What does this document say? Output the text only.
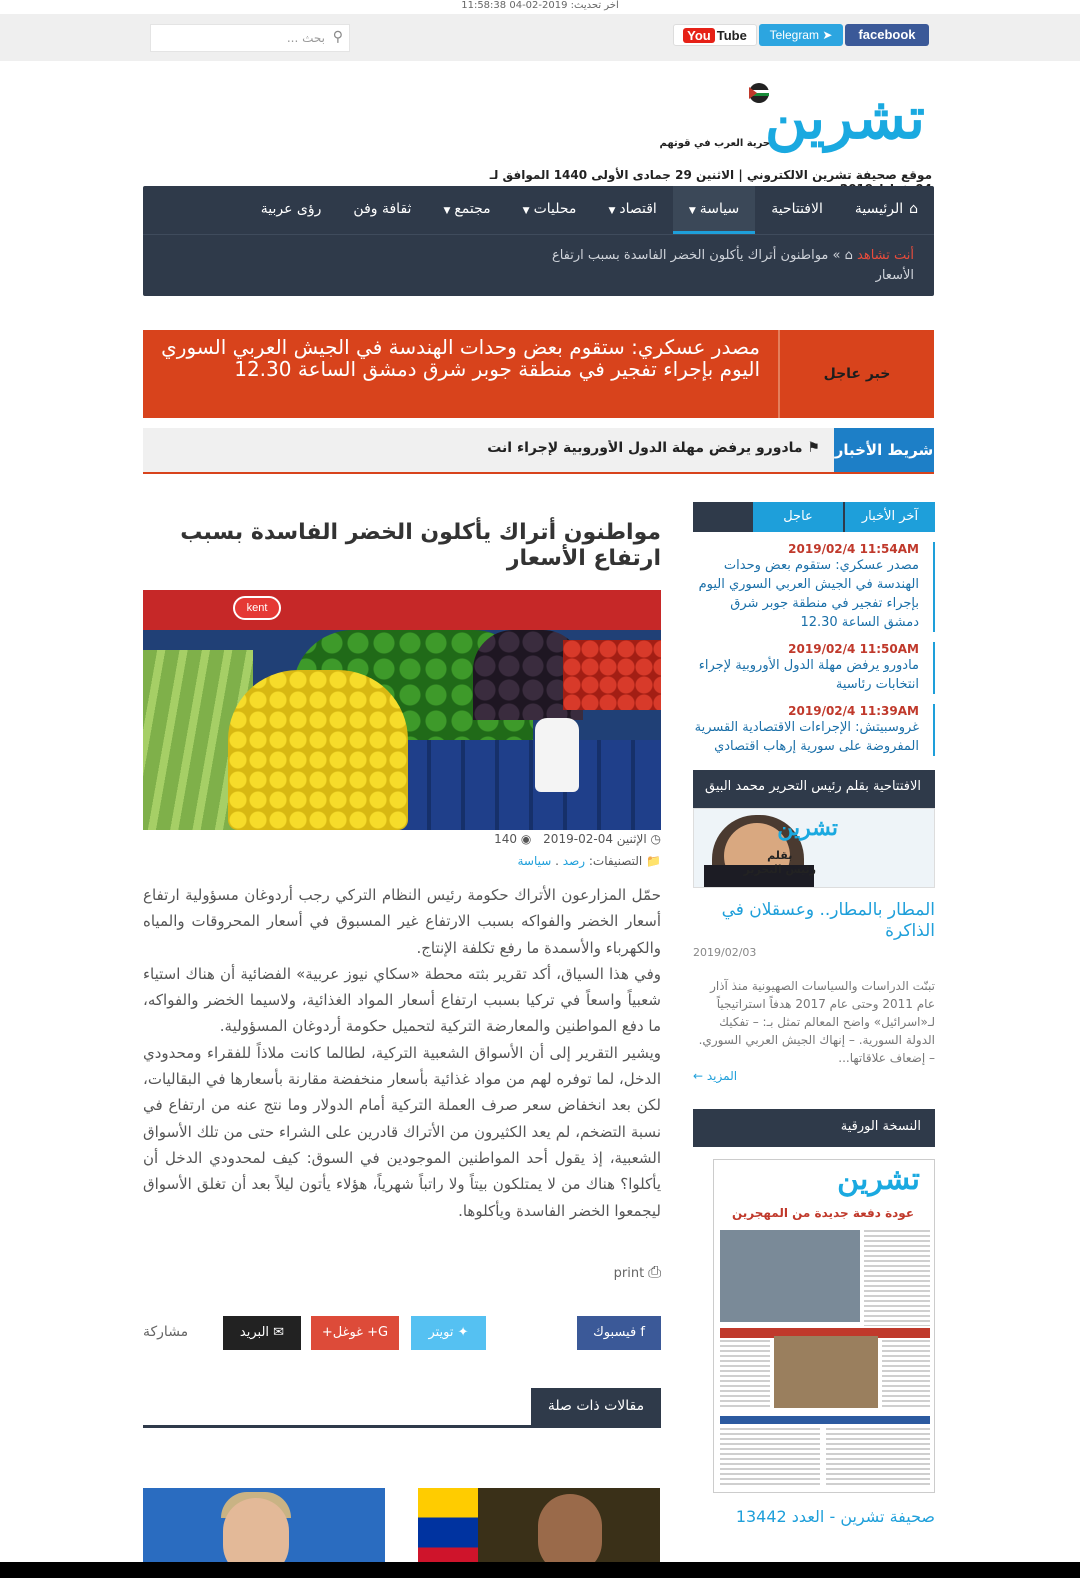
آخر تحديث: 2019-02-04 11:58:38
⚲
بحث ...	facebook
➤ Telegram
You Tube
تشرين
حرية العرب في قوتهم
موقع صحيفة تشرين الالكتروني | الاثنين 29 جمادى الأولى 1440 الموافق لـ
⌂الرئيسية
الافتتاحية
سياسة▼
اقتصاد▼
محليات▼
مجتمع▼
ثقافة وفن
رؤى عربية
أنت تشاهد ⌂ » مواطنون أتراك يأكلون الخضر الفاسدة بسبب ارتفاع الأسعار
خبر عاجل
مصدر عسكري: ستقوم بعض وحدات الهندسة في الجيش العربي السوري اليوم بإجراء تفجير في منطقة جوبر شرق دمشق الساعة 12.30
شريط الأخبار
⚑ مادورو يرفض مهلة الدول الأوروبية لإجراء انت
آخر الأخبار
عاجل
2019/02/4 11:54AM
مصدر عسكري: ستقوم بعض وحدات الهندسة في الجيش العربي السوري اليوم بإجراء تفجير في منطقة جوبر شرق دمشق الساعة 12.30
2019/02/4 11:50AM
مادورو يرفض مهلة الدول الأوروبية لإجراء انتخابات رئاسية
2019/02/4 11:39AM
غروسبيتش: الإجراءات الاقتصادية القسرية المفروضة على سورية إرهاب اقتصادي
الافتتاحية بقلم رئيس التحرير محمد البيق
تشرين
بقلم
رئيس التحرير
المطار بالمطار.. وعسقلان في الذاكرة
2019/02/03
تبنّت الدراسات والسياسات الصهيونية منذ آذار عام 2011 وحتى عام 2017 هدفاً استراتيجياً لـ«اسرائيل» واضح المعالم تمثل بـ: – تفكيك الدولة السورية. – إنهاك الجيش العربي السوري. – إضعاف علاقاتها...
المزيد ←
النسخة الورقية
تشرين
عودة دفعة جديدة من المهجرين
صحيفة تشرين - العدد 13442
مواطنون أتراك يأكلون الخضر الفاسدة بسبب ارتفاع الأسعار
kent
◷ الإثنين 04-02-2019 ◉ 140
📁 التصنيفات: رصد . سياسة

حمّل المزارعون الأتراك حكومة رئيس النظام التركي رجب أردوغان مسؤولية ارتفاع أسعار الخضر والفواكه بسبب الارتفاع غير المسبوق في أسعار المحروقات والمياه والكهرباء والأسمدة ما رفع تكلفة الإنتاج.

وفي هذا السياق، أكد تقرير بثته محطة «سكاي نيوز عربية» الفضائية أن هناك استياء شعبياً واسعاً في تركيا بسبب ارتفاع أسعار المواد الغذائية، ولاسيما الخضر والفواكه، ما دفع المواطنين والمعارضة التركية لتحميل حكومة أردوغان المسؤولية.

ويشير التقرير إلى أن الأسواق الشعبية التركية، لطالما كانت ملاذاً للفقراء ومحدودي الدخل، لما توفره لهم من مواد غذائية بأسعار منخفضة مقارنة بأسعارها في البقاليات، لكن بعد انخفاض سعر صرف العملة التركية أمام الدولار وما نتج عنه من ارتفاع في نسبة التضخم، لم يعد الكثيرون من الأتراك قادرين على الشراء حتى من تلك الأسواق الشعبية، إذ يقول أحد المواطنين الموجودين في السوق: كيف لمحدودي الدخل أن يأكلوا؟ هناك من لا يمتلكون بيتاً ولا راتباً شهرياً، هؤلاء يأتون ليلاً بعد أن تغلق الأسواق ليجمعوا الخضر الفاسدة ويأكلوها.

⎙print
f فيسبوك
✦ تويتر
G+ غوغل+
✉ البريد
مشاركة
مقالات ذات صلة
